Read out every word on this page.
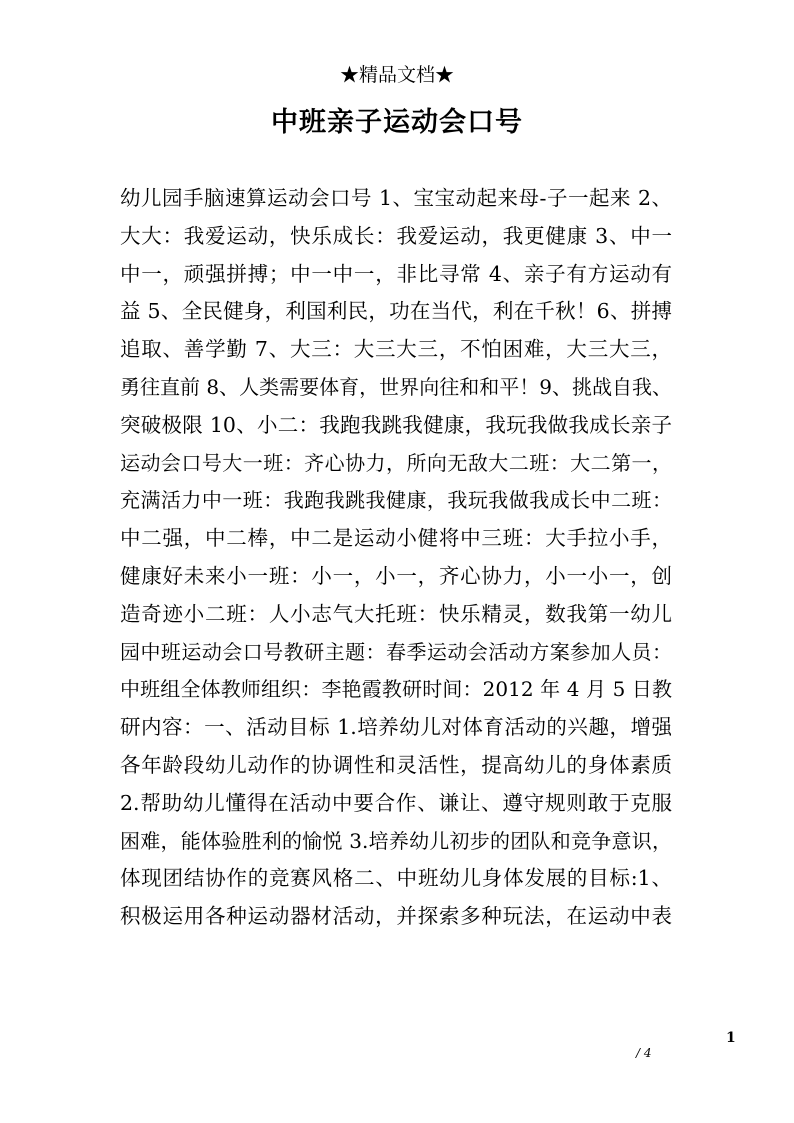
★精品文档★
中班亲子运动会口号
幼儿园手脑速算运动会口号 1、宝宝动起来母-子一起来 2、
大大：我爱运动，快乐成长：我爱运动，我更健康 3、中一
中一，顽强拼搏；中一中一，非比寻常 4、亲子有方运动有
益 5、全民健身，利国利民，功在当代，利在千秋！6、拼搏
追取、善学勤 7、大三：大三大三，不怕困难，大三大三，
勇往直前 8、人类需要体育，世界向往和和平！9、挑战自我、
突破极限 10、小二：我跑我跳我健康，我玩我做我成长亲子
运动会口号大一班：齐心协力，所向无敌大二班：大二第一，
充满活力中一班：我跑我跳我健康，我玩我做我成长中二班：
中二强，中二棒，中二是运动小健将中三班：大手拉小手，
健康好未来小一班：小一，小一，齐心协力，小一小一，创
造奇迹小二班：人小志气大托班：快乐精灵，数我第一幼儿
园中班运动会口号教研主题：春季运动会活动方案参加人员：
中班组全体教师组织：李艳霞教研时间：2012 年 4 月 5 日教
研内容：一、活动目标 1.培养幼儿对体育活动的兴趣，增强
各年龄段幼儿动作的协调性和灵活性，提高幼儿的身体素质
2.帮助幼儿懂得在活动中要合作、谦让、遵守规则敢于克服
困难，能体验胜利的愉悦 3.培养幼儿初步的团队和竞争意识，
体现团结协作的竞赛风格二、中班幼儿身体发展的目标:1、
积极运用各种运动器材活动，并探索多种玩法，在运动中表
1
/ 4
